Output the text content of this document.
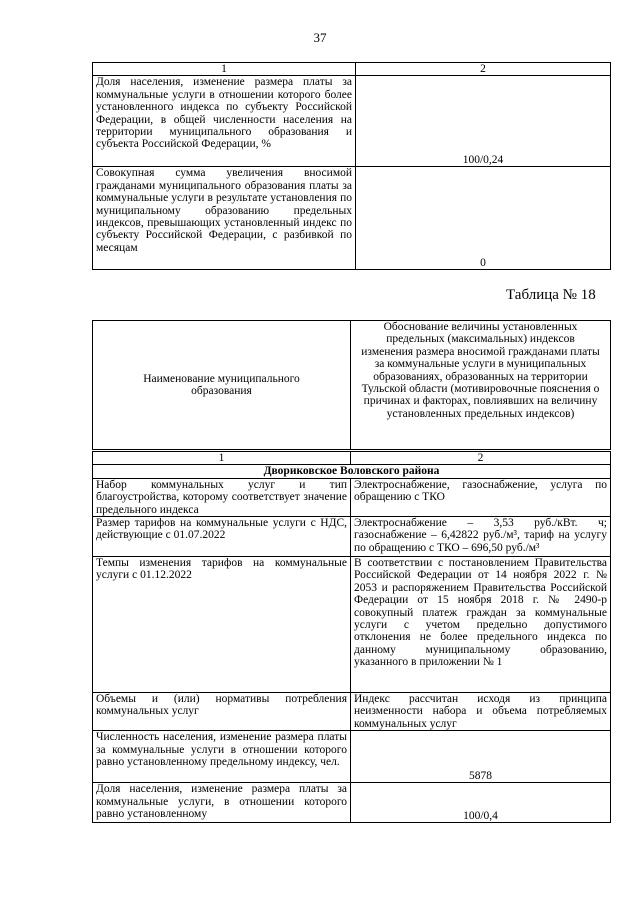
37
1	2
Доля населения, изменение размера платы за коммунальные услуги в отношении которого более установленного индекса по субъекту Российской Федерации, в общей численности населения на территории муниципального образования и субъекта Российской Федерации, %	100/0,24
Совокупная сумма увеличения вносимой гражданами муниципального образования платы за коммунальные услуги в результате установления по муниципальному образованию предельных индексов, превышающих установленный индекс по субъекту Российской Федерации, с разбивкой по месяцам	0
Таблица № 18
Наименование муниципального образования	Обоснование величины установленных предельных (максимальных) индексов изменения размера вносимой гражданами платы за коммунальные услуги в муниципальных образованиях, образованных на территории Тульской области (мотивировочные пояснения о причинах и факторах, повлиявших на величину установленных предельных индексов)
1	2
Двориковское Воловского района	
Набор коммунальных услуг и тип благоустройства, которому соответствует значение предельного индекса	Электроснабжение, газоснабжение, услуга по обращению с ТКО
Размер тарифов на коммунальные услуги с НДС, действующие с 01.07.2022	Электроснабжение – 3,53 руб./кВт. ч; газоснабжение – 6,42822 руб./м³, тариф на услугу по обращению с ТКО – 696,50 руб./м³
Темпы изменения тарифов на коммунальные услуги с 01.12.2022	В соответствии с постановлением Правительства Российской Федерации от 14 ноября 2022 г. № 2053 и распоряжением Правительства Российской Федерации от 15 ноября 2018 г. № 2490-р совокупный платеж граждан за коммунальные услуги с учетом предельно допустимого отклонения не более предельного индекса по данному муниципальному образованию, указанного в приложении № 1
Объемы и (или) нормативы потребления коммунальных услуг	Индекс рассчитан исходя из принципа неизменности набора и объема потребляемых коммунальных услуг
Численность населения, изменение размера платы за коммунальные услуги в отношении которого равно установленному предельному индексу, чел.	5878
Доля населения, изменение размера платы за коммунальные услуги, в отношении которого равно установленному	100/0,4
